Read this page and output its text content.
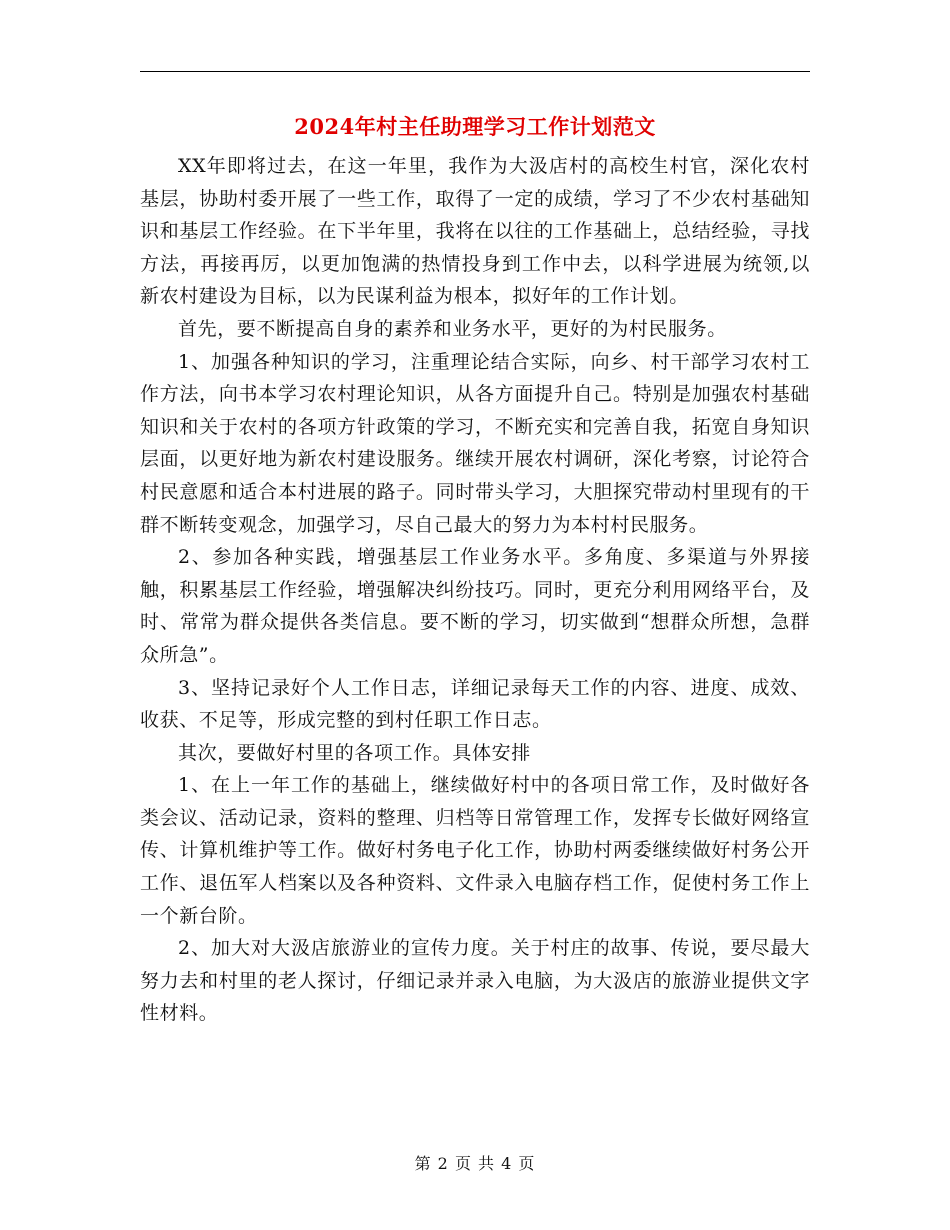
2024年村主任助理学习工作计划范文

XX年即将过去，在这一年里，我作为大汲店村的高校生村官，深化农村基层，协助村委开展了一些工作，取得了一定的成绩，学习了不少农村基础知识和基层工作经验。在下半年里，我将在以往的工作基础上，总结经验，寻找方法，再接再厉，以更加饱满的热情投身到工作中去，以科学进展为统领,以新农村建设为目标，以为民谋利益为根本，拟好年的工作计划。

首先，要不断提高自身的素养和业务水平，更好的为村民服务。

1、加强各种知识的学习，注重理论结合实际，向乡、村干部学习农村工作方法，向书本学习农村理论知识，从各方面提升自己。特别是加强农村基础知识和关于农村的各项方针政策的学习，不断充实和完善自我，拓宽自身知识层面，以更好地为新农村建设服务。继续开展农村调研，深化考察，讨论符合村民意愿和适合本村进展的路子。同时带头学习，大胆探究带动村里现有的干群不断转变观念，加强学习，尽自己最大的努力为本村村民服务。

2、参加各种实践，增强基层工作业务水平。多角度、多渠道与外界接触，积累基层工作经验，增强解决纠纷技巧。同时，更充分利用网络平台，及时、常常为群众提供各类信息。要不断的学习，切实做到“想群众所想，急群众所急”。

3、坚持记录好个人工作日志，详细记录每天工作的内容、进度、成效、收获、不足等，形成完整的到村任职工作日志。

其次，要做好村里的各项工作。具体安排

1、在上一年工作的基础上，继续做好村中的各项日常工作，及时做好各类会议、活动记录，资料的整理、归档等日常管理工作，发挥专长做好网络宣传、计算机维护等工作。做好村务电子化工作，协助村两委继续做好村务公开工作、退伍军人档案以及各种资料、文件录入电脑存档工作，促使村务工作上一个新台阶。

2、加大对大汲店旅游业的宣传力度。关于村庄的故事、传说，要尽最大努力去和村里的老人探讨，仔细记录并录入电脑，为大汲店的旅游业提供文字性材料。

第 2 页 共 4 页
